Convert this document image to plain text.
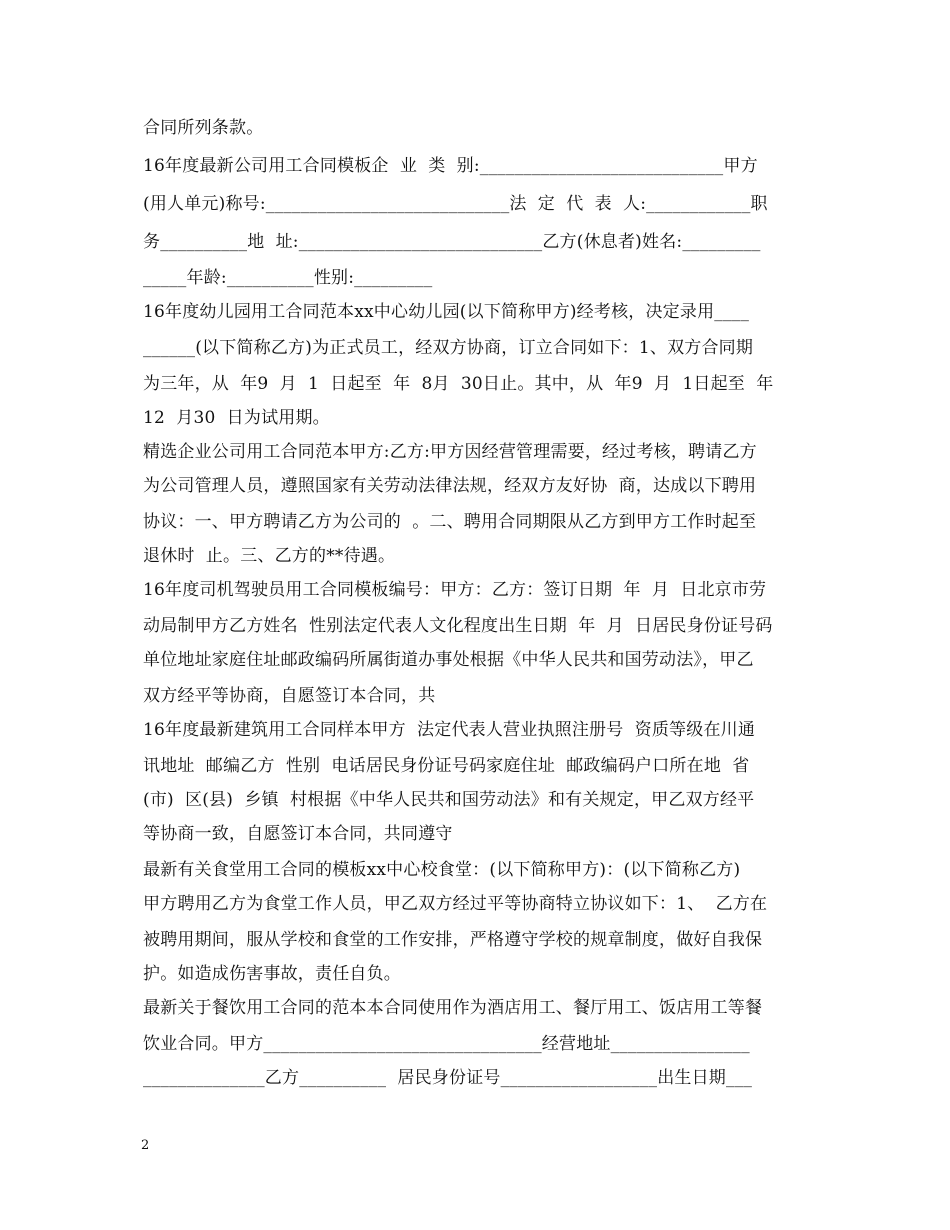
合同所列条款。
16年度最新公司用工合同模板企  业  类  别:____________________________甲方
(用人单元)称号:____________________________法  定  代  表  人:____________职
务__________地  址:____________________________乙方(休息者)姓名:_________
_____年龄:__________性别:_________
16年度幼儿园用工合同范本xx中心幼儿园(以下简称甲方)经考核，决定录用____
______(以下简称乙方)为正式员工，经双方协商，订立合同如下：1、双方合同期
为三年，从  年9  月  1  日起至  年  8月  30日止。其中，从  年9  月  1日起至  年
12  月30  日为试用期。
精选企业公司用工合同范本甲方:乙方:甲方因经营管理需要，经过考核，聘请乙方
为公司管理人员，遵照国家有关劳动法律法规，经双方友好协  商，达成以下聘用
协议：一、甲方聘请乙方为公司的  。二、聘用合同期限从乙方到甲方工作时起至
退休时  止。三、乙方的**待遇。
16年度司机驾驶员用工合同模板编号：甲方：乙方：签订日期  年  月  日北京市劳
动局制甲方乙方姓名  性别法定代表人文化程度出生日期  年  月  日居民身份证号码
单位地址家庭住址邮政编码所属街道办事处根据《中华人民共和国劳动法》，甲乙
双方经平等协商，自愿签订本合同，共
16年度最新建筑用工合同样本甲方  法定代表人营业执照注册号  资质等级在川通
讯地址  邮编乙方  性别  电话居民身份证号码家庭住址  邮政编码户口所在地  省
(市)  区(县)  乡镇  村根据《中华人民共和国劳动法》和有关规定，甲乙双方经平
等协商一致，自愿签订本合同，共同遵守
最新有关食堂用工合同的模板xx中心校食堂：(以下简称甲方)：(以下简称乙方)
甲方聘用乙方为食堂工作人员，甲乙双方经过平等协商特立协议如下：1、  乙方在
被聘用期间，服从学校和食堂的工作安排，严格遵守学校的规章制度，做好自我保
护。如造成伤害事故，责任自负。
最新关于餐饮用工合同的范本本合同使用作为酒店用工、餐厅用工、饭店用工等餐
饮业合同。甲方________________________________经营地址________________
______________乙方__________  居民身份证号__________________出生日期___
2
